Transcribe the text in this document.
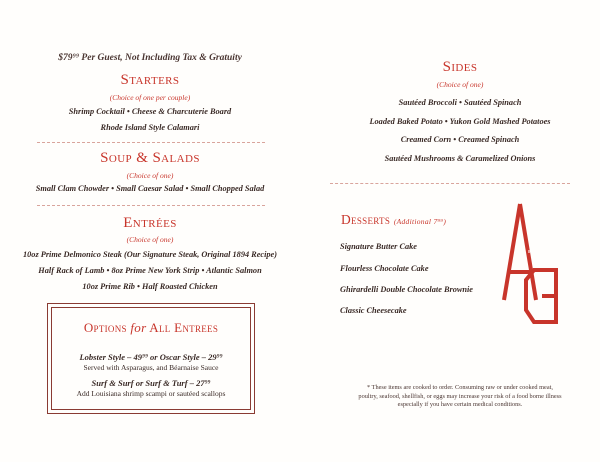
$79⁹⁹ Per Guest, Not Including Tax & Gratuity
Starters
(Choice of one per couple)
Shrimp Cocktail • Cheese & Charcuterie Board
Rhode Island Style Calamari
Soup & Salads
(Choice of one)
Small Clam Chowder • Small Caesar Salad • Small Chopped Salad
Entrées
(Choice of one)
10oz Prime Delmonico Steak (Our Signature Steak, Original 1894 Recipe)
Half Rack of Lamb • 8oz Prime New York Strip • Atlantic Salmon
10oz Prime Rib • Half Roasted Chicken
Options for All Entrees
Lobster Style – 49⁹⁹ or Oscar Style – 29⁹⁹
Served with Asparagus, and Béarnaise Sauce
Surf & Surf or Surf & Turf – 27⁹⁹
Add Louisiana shrimp scampi or sautéed scallops
Sides
(Choice of one)
Sautéed Broccoli • Sautéed Spinach
Loaded Baked Potato • Yukon Gold Mashed Potatoes
Creamed Corn • Creamed Spinach
Sautéed Mushrooms & Caramelized Onions
Desserts (Additional 7⁹⁹)
Signature Butter Cake
Flourless Chocolate Cake
Ghirardelli Double Chocolate Brownie
Classic Cheesecake
* These items are cooked to order. Consuming raw or under cooked meat,
poultry, seafood, shellfish, or eggs may increase your risk of a food borne illness
especially if you have certain medical conditions.
